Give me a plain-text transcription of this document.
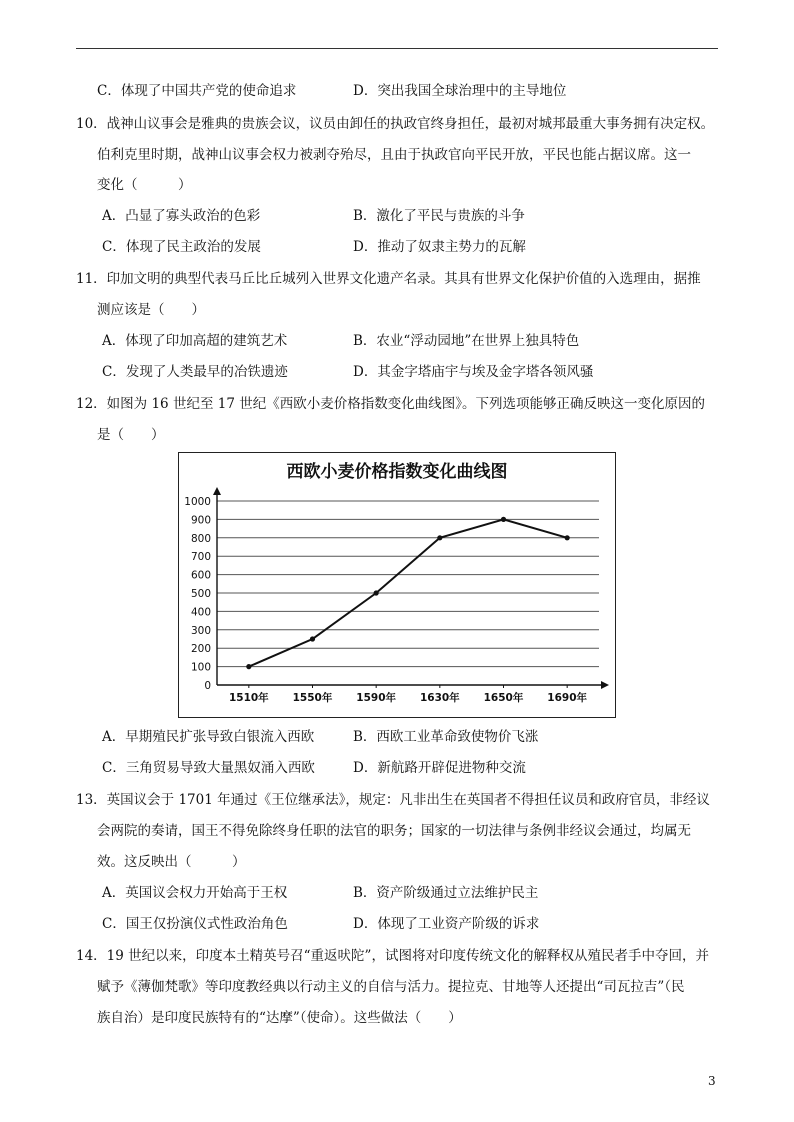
C．体现了中国共产党的使命追求	D．突出我国全球治理中的主导地位
10．战神山议事会是雅典的贵族会议，议员由卸任的执政官终身担任，最初对城邦最重大事务拥有决定权。
伯利克里时期，战神山议事会权力被剥夺殆尽，且由于执政官向平民开放，平民也能占据议席。这一
变化（　　　）
A．凸显了寡头政治的色彩	B．激化了平民与贵族的斗争
C．体现了民主政治的发展	D．推动了奴隶主势力的瓦解
11．印加文明的典型代表马丘比丘城列入世界文化遗产名录。其具有世界文化保护价值的入选理由，据推
测应该是（　　）
A．体现了印加高超的建筑艺术	B．农业“浮动园地”在世界上独具特色
C．发现了人类最早的冶铁遗迹	D．其金字塔庙宇与埃及金字塔各领风骚
12．如图为 16 世纪至 17 世纪《西欧小麦价格指数变化曲线图》。下列选项能够正确反映这一变化原因的
是（　　）
西欧小麦价格指数变化曲线图
0
100
200
300
400
500
600
700
800
900
1000
1510年 1550年 1590年 1630年 1650年 1690年
A．早期殖民扩张导致白银流入西欧	B．西欧工业革命致使物价飞涨
C．三角贸易导致大量黑奴涌入西欧	D．新航路开辟促进物种交流
13．英国议会于 1701 年通过《王位继承法》，规定：凡非出生在英国者不得担任议员和政府官员，非经议
会两院的奏请，国王不得免除终身任职的法官的职务；国家的一切法律与条例非经议会通过，均属无
效。这反映出（　　　）
A．英国议会权力开始高于王权	B．资产阶级通过立法维护民主
C．国王仅扮演仪式性政治角色	D．体现了工业资产阶级的诉求
14．19 世纪以来，印度本土精英号召“重返吠陀”，试图将对印度传统文化的解释权从殖民者手中夺回，并
赋予《薄伽梵歌》等印度教经典以行动主义的自信与活力。提拉克、甘地等人还提出“司瓦拉吉”（民
族自治）是印度民族特有的“达摩”（使命）。这些做法（　　）
3
